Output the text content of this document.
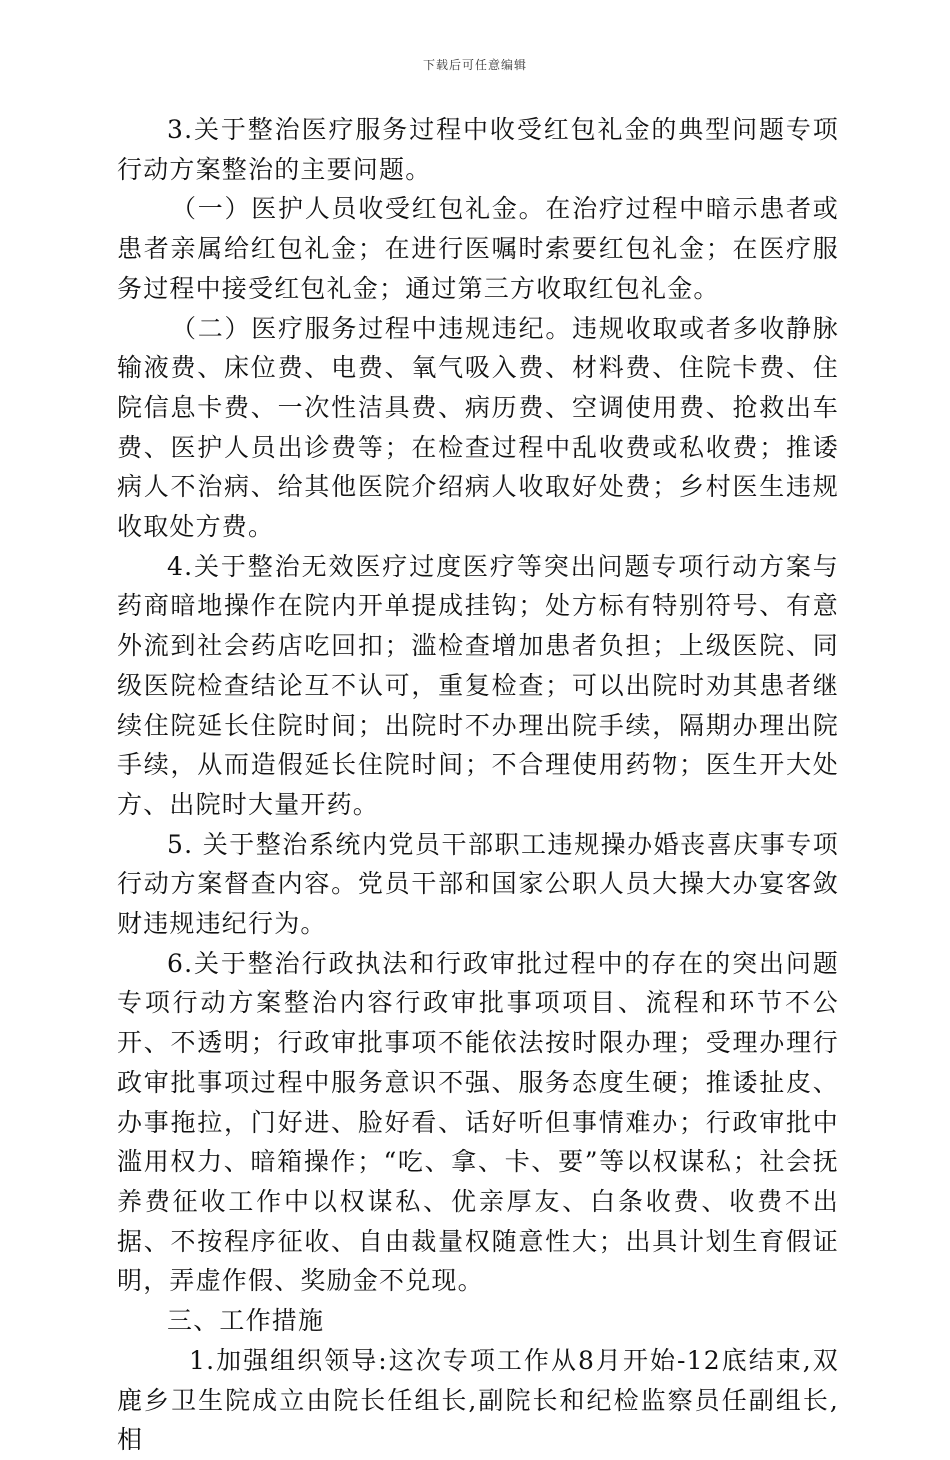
下载后可任意编辑

3.关于整治医疗服务过程中收受红包礼金的典型问题专项行动方案整治的主要问题。

（一）医护人员收受红包礼金。在治疗过程中暗示患者或患者亲属给红包礼金；在进行医嘱时索要红包礼金；在医疗服务过程中接受红包礼金；通过第三方收取红包礼金。

（二）医疗服务过程中违规违纪。违规收取或者多收静脉输液费、床位费、电费、氧气吸入费、材料费、住院卡费、住院信息卡费、一次性洁具费、病历费、空调使用费、抢救出车费、医护人员出诊费等；在检查过程中乱收费或私收费；推诿病人不治病、给其他医院介绍病人收取好处费；乡村医生违规收取处方费。

4.关于整治无效医疗过度医疗等突出问题专项行动方案与药商暗地操作在院内开单提成挂钩；处方标有特别符号、有意外流到社会药店吃回扣；滥检查增加患者负担；上级医院、同级医院检查结论互不认可，重复检查；可以出院时劝其患者继续住院延长住院时间；出院时不办理出院手续，隔期办理出院手续，从而造假延长住院时间；不合理使用药物；医生开大处方、出院时大量开药。

5. 关于整治系统内党员干部职工违规操办婚丧喜庆事专项行动方案督查内容。党员干部和国家公职人员大操大办宴客敛财违规违纪行为。

6.关于整治行政执法和行政审批过程中的存在的突出问题专项行动方案整治内容行政审批事项项目、流程和环节不公开、不透明；行政审批事项不能依法按时限办理；受理办理行政审批事项过程中服务意识不强、服务态度生硬；推诿扯皮、办事拖拉，门好进、脸好看、话好听但事情难办；行政审批中滥用权力、暗箱操作；“吃、拿、卡、要”等以权谋私；社会抚养费征收工作中以权谋私、优亲厚友、白条收费、收费不出据、不按程序征收、自由裁量权随意性大；出具计划生育假证明，弄虚作假、奖励金不兑现。

三、工作措施

1.加强组织领导:这次专项工作从8月开始-12底结束,双鹿乡卫生院成立由院长任组长,副院长和纪检监察员任副组长,相
